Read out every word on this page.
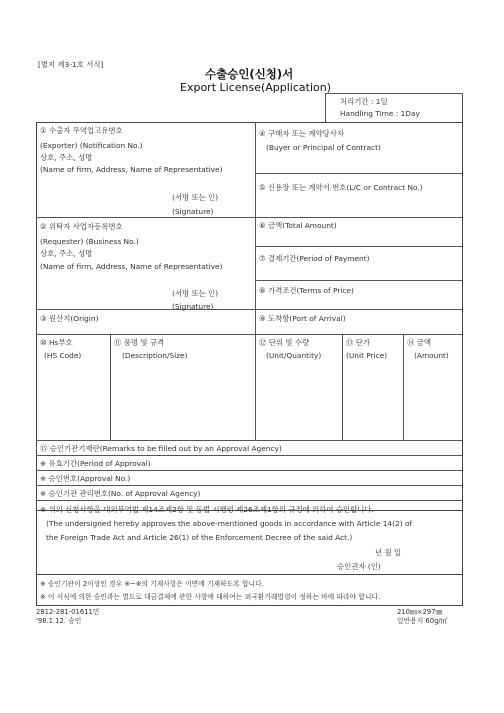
[별지 제3-1호 서식]
수출승인(신청)서
Export License(Application)
처리기간 : 1일
Handling Time : 1Day
① 수출자 무역업고유번호
(Exporter) (Notification No.)
상호, 주소, 성명
(Name of firm, Address, Name of Representative)
(서명 또는 인)
(Signature)
④ 구매자 또는 계약당사자
(Buyer or Principal of Contract)
⑤ 신용장 또는 계약서 번호(L/C or Contract No.)
② 위탁자 사업자등록번호
(Requester) (Business No.)
상호, 주소, 성명
(Name of firm, Address, Name of Representative)
(서명 또는 인)
(Signature)
⑥ 금액(Total Amount)
⑦ 결제기간(Period of Payment)
⑧ 가격조건(Terms of Price)
③ 원산지(Origin)	⑨ 도착항(Port of Arrival)
⑩ Hs부호
(HS Code)
⑪ 품명 및 규격
(Description/Size)
⑫ 단위 및 수량
(Unit/Quantity)
⑬ 단가
(Unit Price)
⑭ 금액
(Amount)
⑮ 승인기관기재란(Remarks to be filled out by an Approval Agency)
※ 유효기간(Period of Approval)
※ 승인번호(Approval No.)
※ 승인기관 관리번호(No. of Approval Agency)
※ 위의 신청사항을 대외무역법 제14조제2항 및 동법 시행령 제26조제1항의 규정에 의하여 승인합니다.
(The undersigned hereby approves the above-mentioned goods in accordance with Article 14(2) of
the Foreign Trade Act and Article 26(1) of the Enforcement Decree of the said Act.)
년 월 일
승인권자 (인)
※ 승인기관이 2이상인 경우 ※~※의 기재사항은 이면에 기재하도록 합니다.
※ 이 서식에 의한 승인과는 별도로 대금결제에 관한 사항에 대하여는 외국환거래법령이 정하는 바에 따라야 합니다.
2812-281-01611민
'98.1.12. 승인
210㎜×297㎜
일반용지 60g/㎡
